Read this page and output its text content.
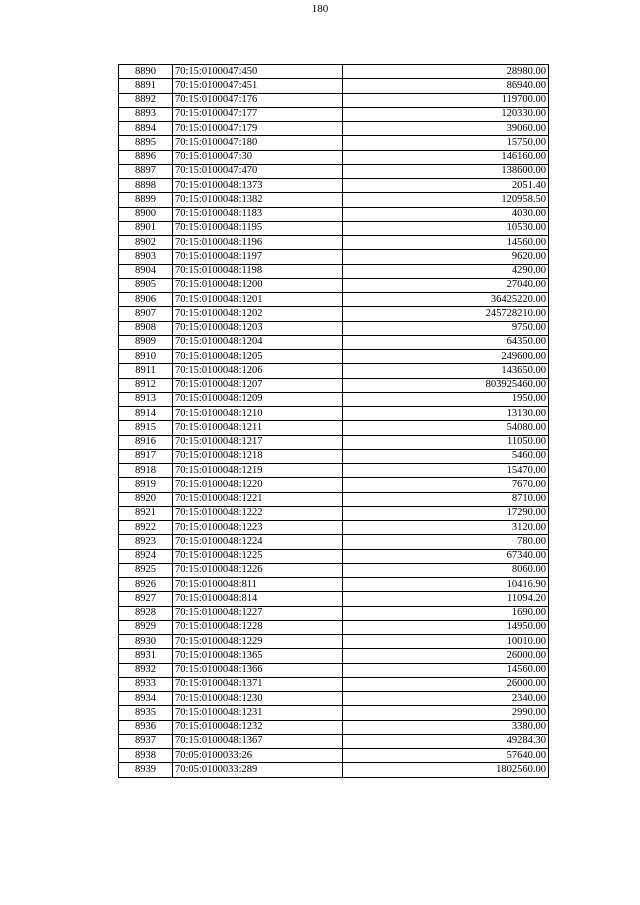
180
8890	70:15:0100047:450	28980.00
8891	70:15:0100047:451	86940.00
8892	70:15:0100047:176	119700.00
8893	70:15:0100047:177	120330.00
8894	70:15:0100047:179	39060.00
8895	70:15:0100047:180	15750.00
8896	70:15:0100047:30	146160.00
8897	70:15:0100047:470	138600.00
8898	70:15:0100048:1373	2051.40
8899	70:15:0100048:1382	120958.50
8900	70:15:0100048:1183	4030.00
8901	70:15:0100048:1195	10530.00
8902	70:15:0100048:1196	14560.00
8903	70:15:0100048:1197	9620.00
8904	70:15:0100048:1198	4290.00
8905	70:15:0100048:1200	27040.00
8906	70:15:0100048:1201	36425220.00
8907	70:15:0100048:1202	245728210.00
8908	70:15:0100048:1203	9750.00
8909	70:15:0100048:1204	64350.00
8910	70:15:0100048:1205	249600.00
8911	70:15:0100048:1206	143650.00
8912	70:15:0100048:1207	803925460.00
8913	70:15:0100048:1209	1950.00
8914	70:15:0100048:1210	13130.00
8915	70:15:0100048:1211	54080.00
8916	70:15:0100048:1217	11050.00
8917	70:15:0100048:1218	5460.00
8918	70:15:0100048:1219	15470.00
8919	70:15:0100048:1220	7670.00
8920	70:15:0100048:1221	8710.00
8921	70:15:0100048:1222	17290.00
8922	70:15:0100048:1223	3120.00
8923	70:15:0100048:1224	780.00
8924	70:15:0100048:1225	67340.00
8925	70:15:0100048:1226	8060.00
8926	70:15:0100048:811	10416.90
8927	70:15:0100048:814	11094.20
8928	70:15:0100048:1227	1690.00
8929	70:15:0100048:1228	14950.00
8930	70:15:0100048:1229	10010.00
8931	70:15:0100048:1365	26000.00
8932	70:15:0100048:1366	14560.00
8933	70:15:0100048:1371	26000.00
8934	70:15:0100048:1230	2340.00
8935	70:15:0100048:1231	2990.00
8936	70:15:0100048:1232	3380.00
8937	70:15:0100048:1367	49284.30
8938	70:05:0100033:26	57640.00
8939	70:05:0100033:289	1802560.00
